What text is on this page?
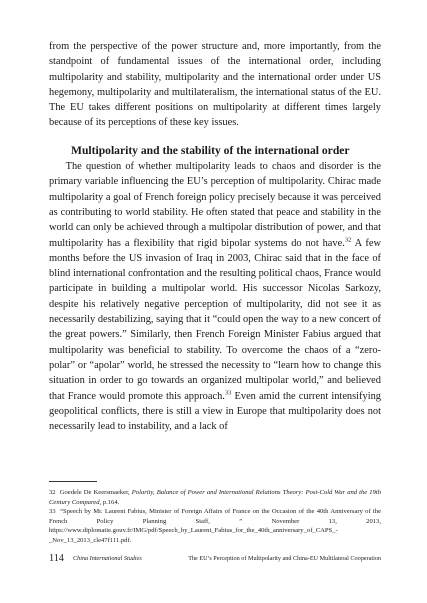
from the perspective of the power structure and, more importantly, from the standpoint of fundamental issues of the international order, including multipolarity and stability, multipolarity and the international order under US hegemony, multipolarity and multilateralism, the international status of the EU. The EU takes different positions on multipolarity at different times largely because of its perceptions of these key issues.

Multipolarity and the stability of the international order

The question of whether multipolarity leads to chaos and disorder is the primary variable influencing the EU’s perception of multipolarity. Chirac made multipolarity a goal of French foreign policy precisely because it was perceived as contributing to world stability. He often stated that peace and stability in the world can only be achieved through a multipolar distribution of power, and that multipolarity has a flexibility that rigid bipolar systems do not have.$^{32}$ A few months before the US invasion of Iraq in 2003, Chirac said that in the face of blind international confrontation and the resulting political chaos, France would participate in building a multipolar world. His successor Nicolas Sarkozy, despite his relatively negative perception of multipolarity, did not see it as necessarily destabilizing, saying that it “could open the way to a new concert of the great powers.” Similarly, then French Foreign Minister Fabius argued that multipolarity was beneficial to stability. To overcome the chaos of a “zero-polar” or “apolar” world, he stressed the necessity to “learn how to change this situation in order to go towards an organized multipolar world,” and believed that France would promote this approach.$^{33}$ Even amid the current intensifying geopolitical conflicts, there is still a view in Europe that multipolarity does not necessarily lead to instability, and a lack of

32 Goedele De Keersmaeker, Polarity, Balance of Power and International Relations Theory: Post-Cold War and the 19th Century Compared, p.164.

33 “Speech by Mr. Laurent Fabius, Minister of Foreign Affairs of France on the Occasion of the 40th Anniversary of the French Policy Planning Staff, ” November 13, 2013, https://www.diplomatie.gouv.fr/IMG/pdf/Speech_by_Laurent_Fabius_for_the_40th_anniversary_of_CAPS_-_Nov_13_2013_cle47f111.pdf.

114 China International Studies	The EU’s Perception of Multipolarity and China-EU Multilateral Cooperation
